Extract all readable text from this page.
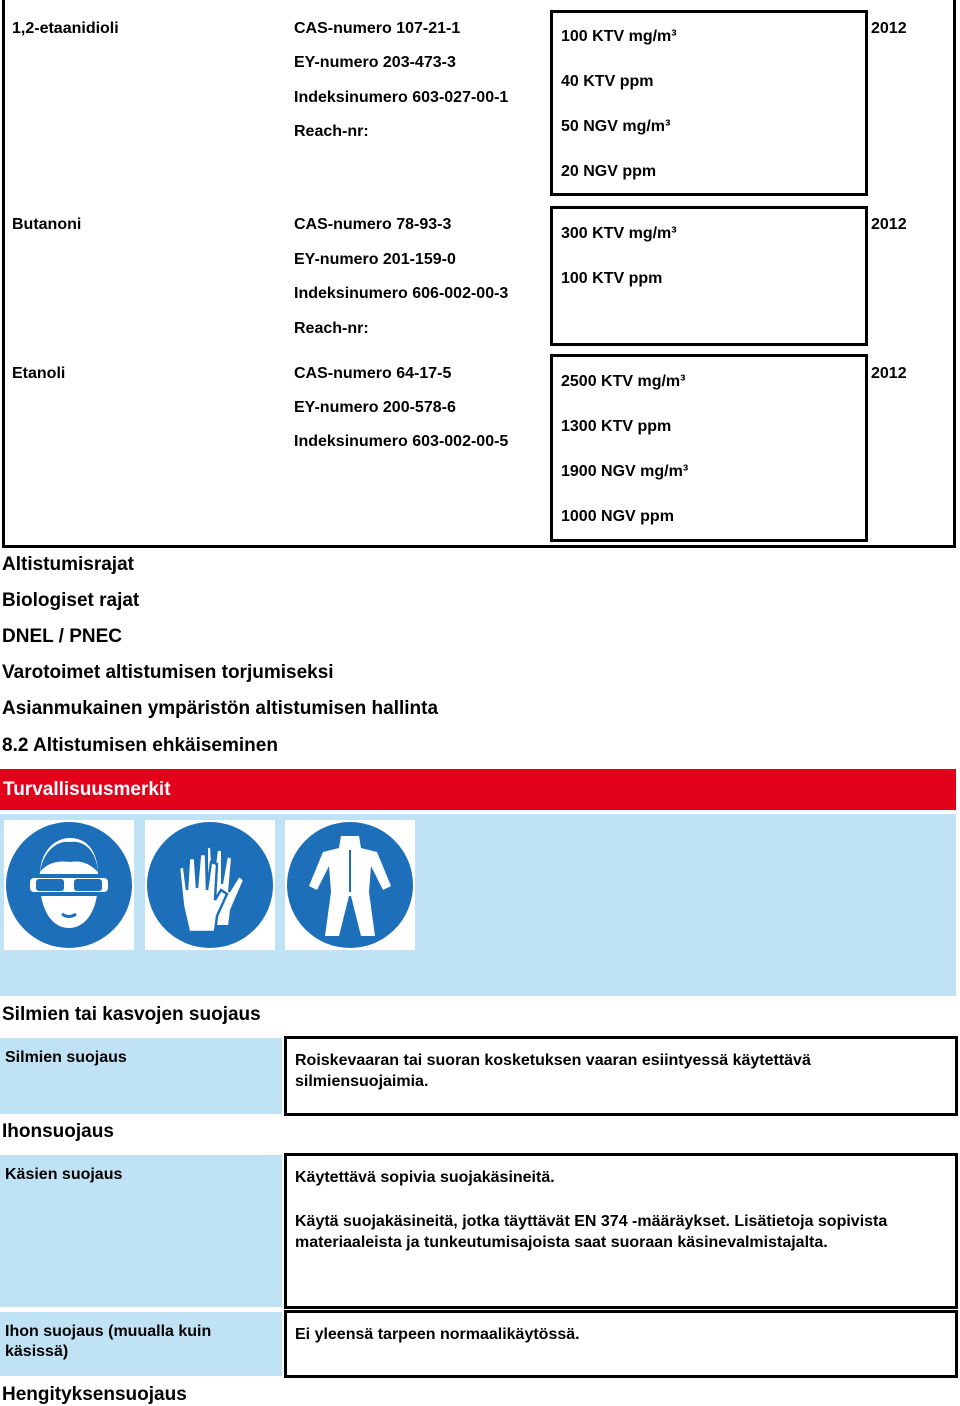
1,2-etaanidioli	CAS-numero 107-21-1
EY-numero 203-473-3
Indeksinumero 603-027-00-1
Reach-nr:
100 KTV mg/m³
40 KTV ppm
50 NGV mg/m³
20 NGV ppm
2012
Butanoni	CAS-numero 78-93-3
EY-numero 201-159-0
Indeksinumero 606-002-00-3
Reach-nr:
300 KTV mg/m³
100 KTV ppm
2012
Etanoli	CAS-numero 64-17-5
EY-numero 200-578-6
Indeksinumero 603-002-00-5
2500 KTV mg/m³
1300 KTV ppm
1900 NGV mg/m³
1000 NGV ppm
2012
Altistumisrajat
Biologiset rajat
DNEL / PNEC
Varotoimet altistumisen torjumiseksi
Asianmukainen ympäristön altistumisen hallinta
8.2 Altistumisen ehkäiseminen
Turvallisuusmerkit
Silmien tai kasvojen suojaus
Silmien suojaus	Roiskevaaran tai suoran kosketuksen vaaran esiintyessä käytettävä silmiensuojaimia.

Ihonsuojaus
Käsien suojaus	Käytettävä sopivia suojakäsineitä.

Käytä suojakäsineitä, jotka täyttävät EN 374 -määräykset. Lisätietoja sopivista materiaaleista ja tunkeutumisajoista saat suoraan käsinevalmistajalta.

Ihon suojaus (muualla kuin käsissä)

Ei yleensä tarpeen normaalikäytössä.

Hengityksensuojaus
